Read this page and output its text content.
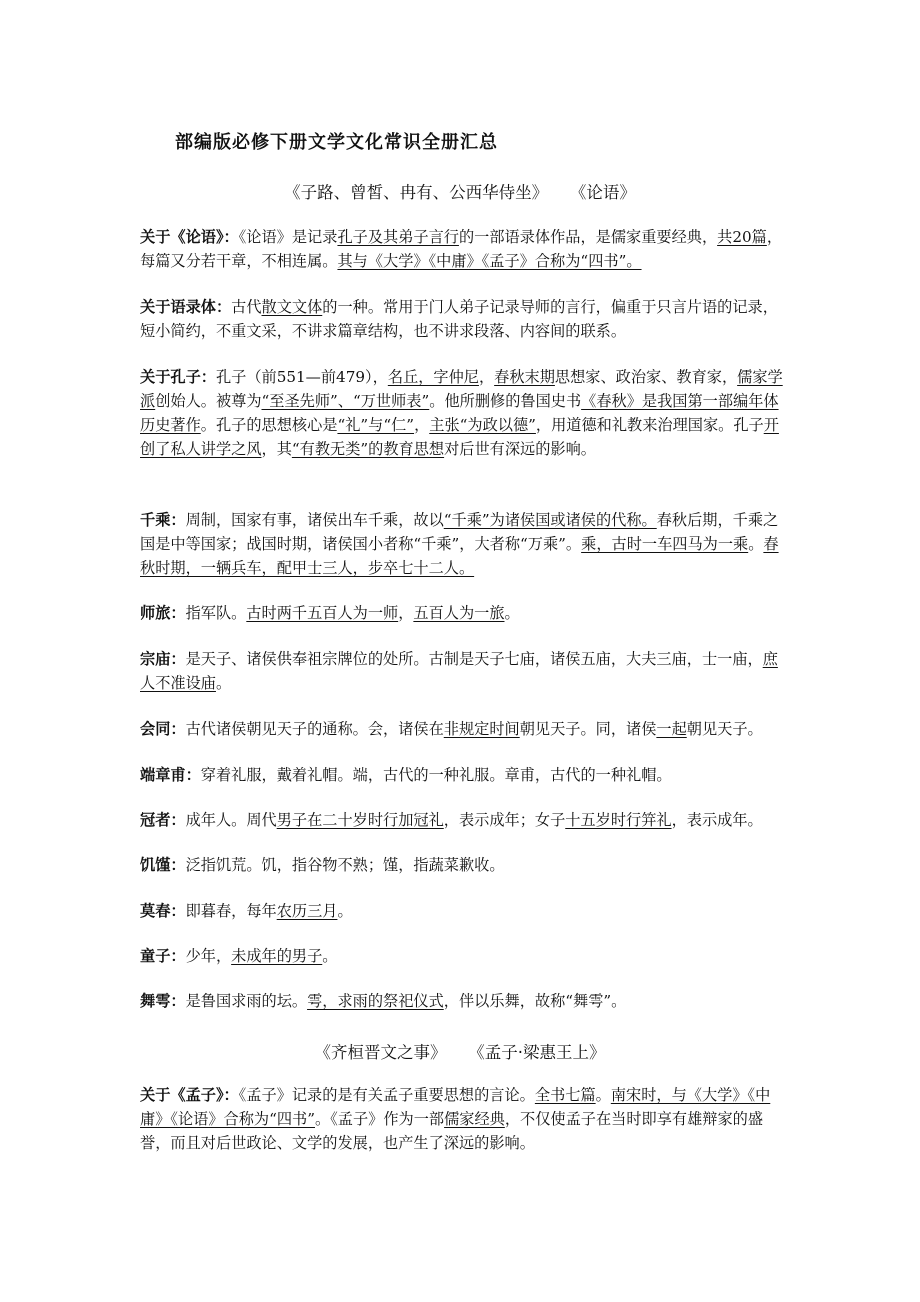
部编版必修下册文学文化常识全册汇总
《子路、曾皙、冉有、公西华侍坐》 《论语》
关于《论语》：《论语》是记录孔子及其弟子言行的一部语录体作品，是儒家重要经典，共20篇，每篇又分若干章，不相连属。其与《大学》《中庸》《孟子》合称为“四书”。
关于语录体：古代散文文体的一种。常用于门人弟子记录导师的言行，偏重于只言片语的记录，短小简约，不重文采，不讲求篇章结构，也不讲求段落、内容间的联系。
关于孔子：孔子（前551—前479），名丘，字仲尼，春秋末期思想家、政治家、教育家，儒家学派创始人。被尊为“至圣先师”、“万世师表”。他所删修的鲁国史书《春秋》是我国第一部编年体历史著作。孔子的思想核心是“礼”与“仁”，主张“为政以德”，用道德和礼教来治理国家。孔子开创了私人讲学之风，其“有教无类”的教育思想对后世有深远的影响。
千乘：周制，国家有事，诸侯出车千乘，故以“千乘”为诸侯国或诸侯的代称。春秋后期，千乘之国是中等国家；战国时期，诸侯国小者称“千乘”，大者称“万乘”。乘，古时一车四马为一乘。春秋时期，一辆兵车，配甲士三人，步卒七十二人。
师旅：指军队。古时两千五百人为一师，五百人为一旅。
宗庙：是天子、诸侯供奉祖宗牌位的处所。古制是天子七庙，诸侯五庙，大夫三庙，士一庙，庶人不准设庙。
会同：古代诸侯朝见天子的通称。会，诸侯在非规定时间朝见天子。同，诸侯一起朝见天子。
端章甫：穿着礼服，戴着礼帽。端，古代的一种礼服。章甫，古代的一种礼帽。
冠者：成年人。周代男子在二十岁时行加冠礼，表示成年；女子十五岁时行笄礼，表示成年。
饥馑：泛指饥荒。饥，指谷物不熟；馑，指蔬菜歉收。
莫春：即暮春，每年农历三月。
童子：少年，未成年的男子。
舞雩：是鲁国求雨的坛。雩，求雨的祭祀仪式，伴以乐舞，故称“舞雩”。
《齐桓晋文之事》 《孟子·梁惠王上》
关于《孟子》：《孟子》记录的是有关孟子重要思想的言论。全书七篇。南宋时，与《大学》《中庸》《论语》合称为“四书”。《孟子》作为一部儒家经典，不仅使孟子在当时即享有雄辩家的盛誉，而且对后世政论、文学的发展，也产生了深远的影响。
